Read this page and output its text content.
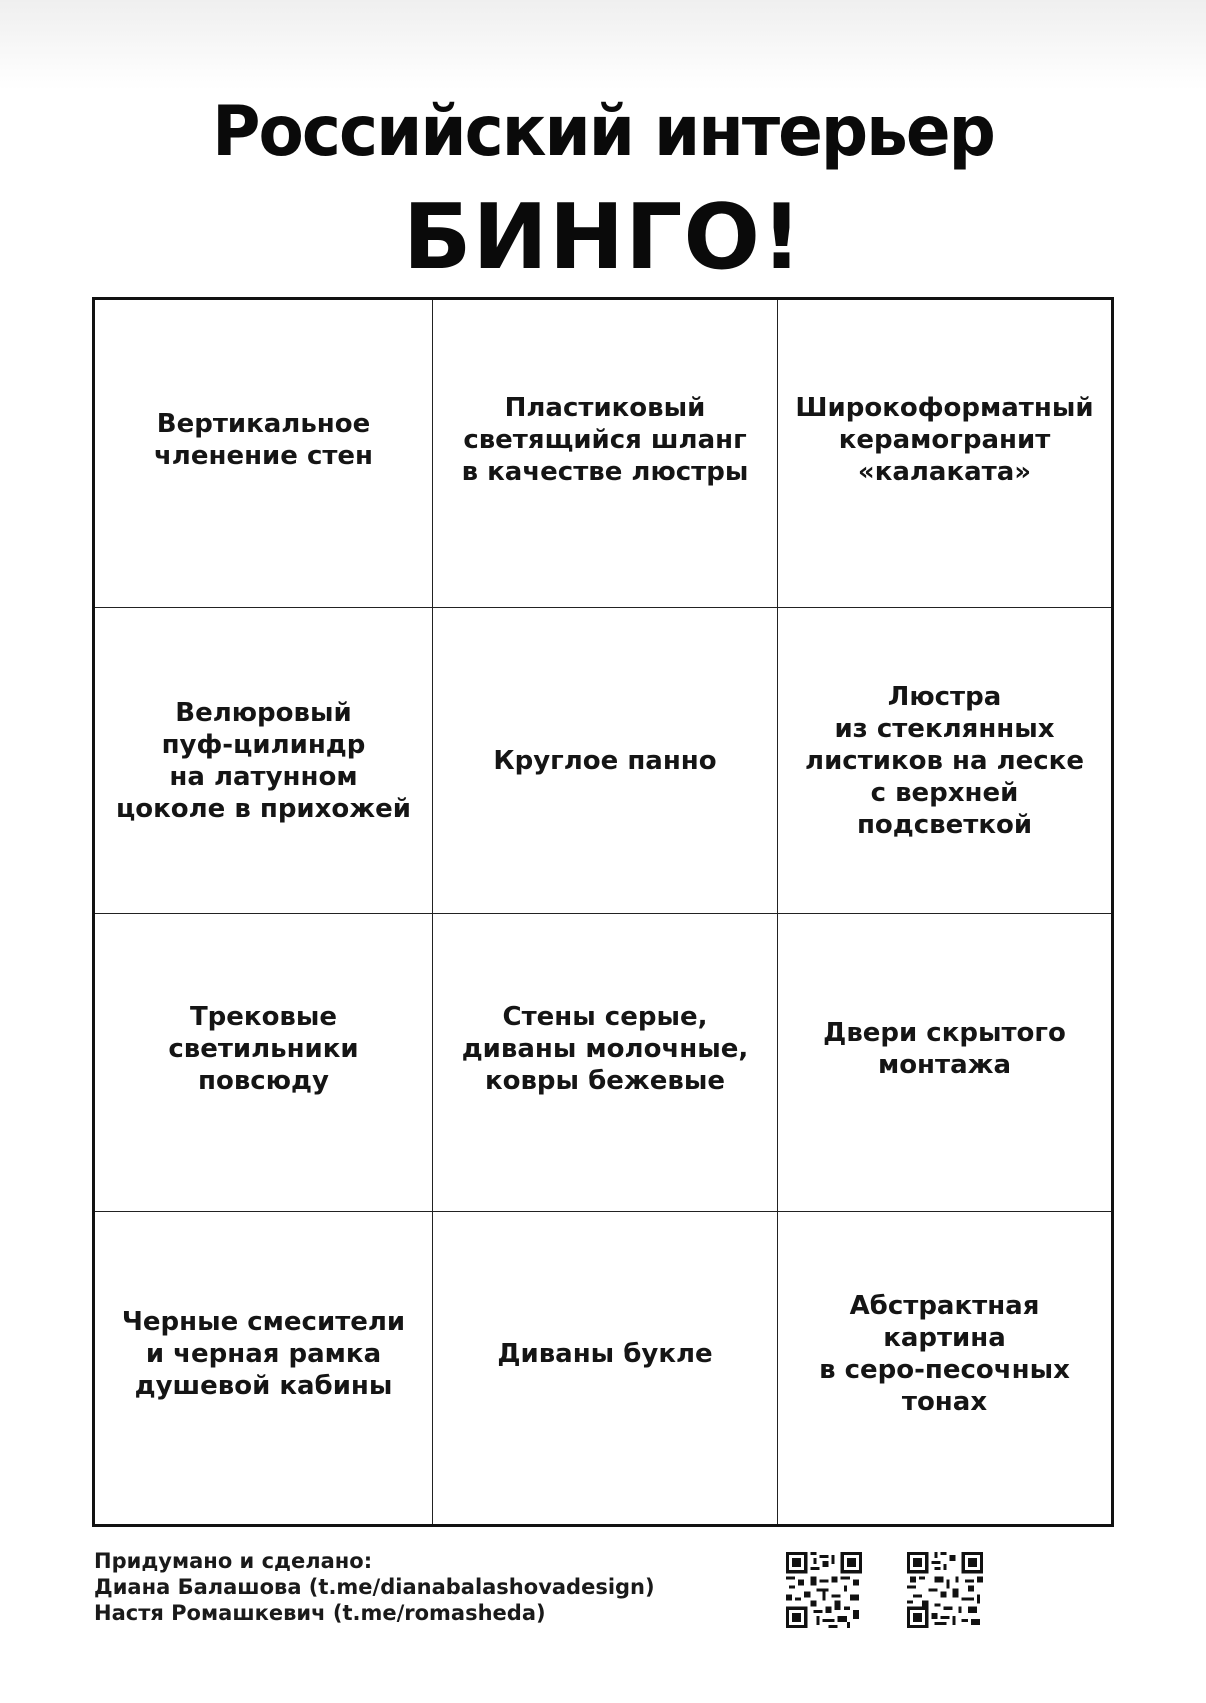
Российский интерьер
БИНГО!
Вертикальное
членение стен
Пластиковый
светящийся шланг
в качестве люстры
Широкоформатный
керамогранит
«калаката»
Велюровый
пуф-цилиндр
на латунном
цоколе в прихожей
Круглое панно
Люстра
из стеклянных
листиков на леске
с верхней
подсветкой
Трековые
светильники
повсюду
Стены серые,
диваны молочные,
ковры бежевые
Двери скрытого
монтажа
Черные смесители
и черная рамка
душевой кабины
Диваны букле
Абстрактная
картина
в серо-песочных
тонах
Придумано и сделано:
Диана Балашова (t.me/dianabalashovadesign)
Настя Ромашкевич (t.me/romasheda)
